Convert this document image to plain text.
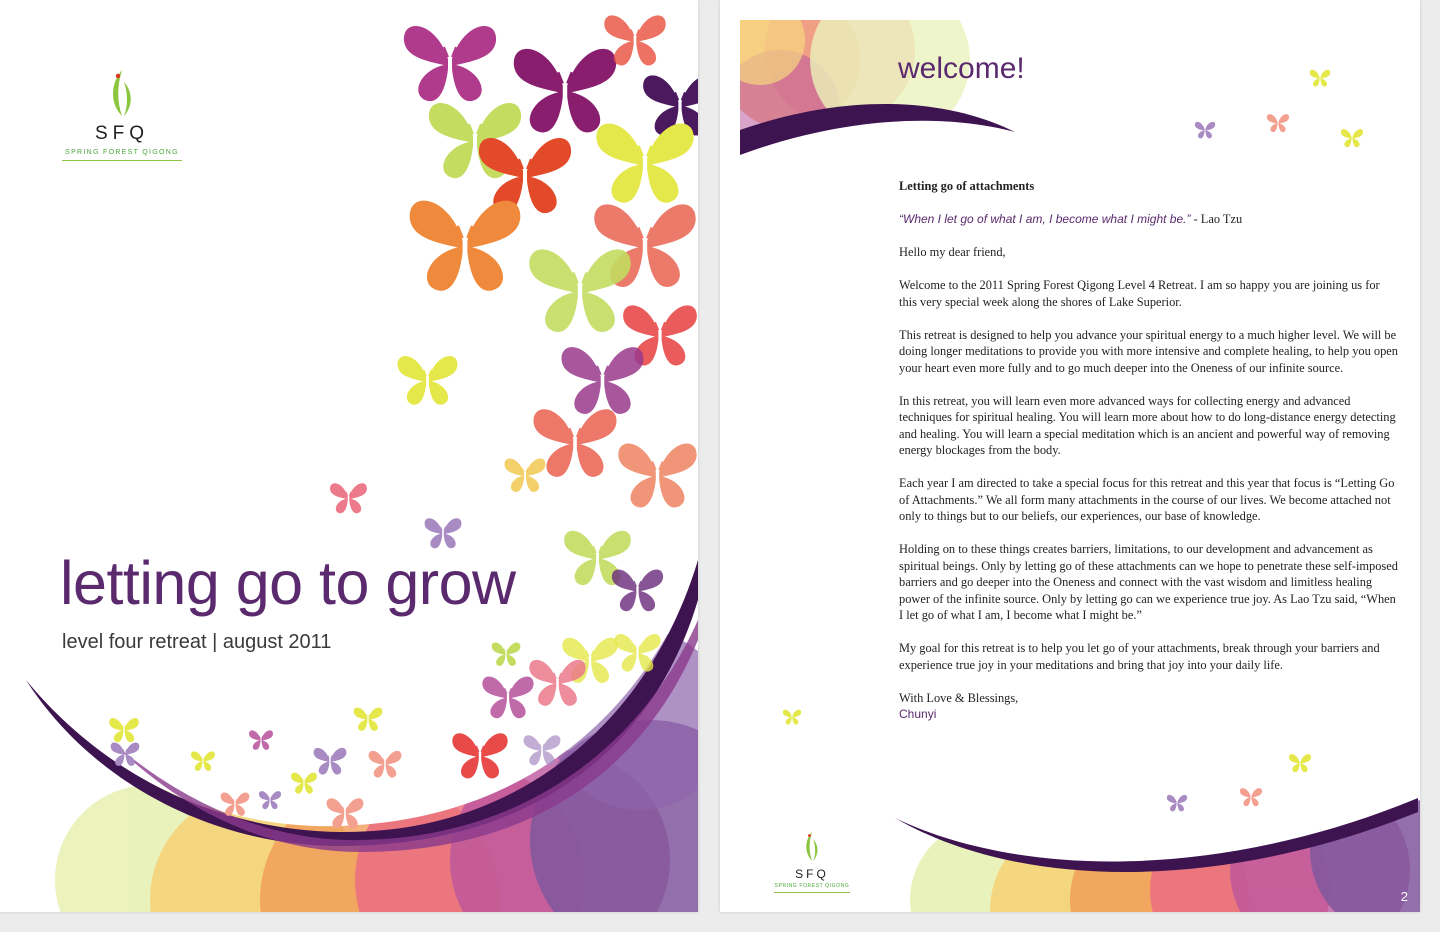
SFQ
SPRING FOREST QIGONG
letting go to grow
level four retreat | august 2011
welcome!

Letting go of attachments

“When I let go of what I am, I become what I might be.” - Lao Tzu

Hello my dear friend,

Welcome to the 2011 Spring Forest Qigong Level 4 Retreat. I am so happy you are joining us for this very special week along the shores of Lake Superior.

This retreat is designed to help you advance your spiritual energy to a much higher level. We will be doing longer meditations to provide you with more intensive and complete healing, to help you open your heart even more fully and to go much deeper into the Oneness of our infinite source.

In this retreat, you will learn even more advanced ways for collecting energy and advanced techniques for spiritual healing. You will learn more about how to do long-distance energy detecting and healing. You will learn a special meditation which is an ancient and powerful way of removing energy blockages from the body.

Each year I am directed to take a special focus for this retreat and this year that focus is “Letting Go of Attachments.” We all form many attachments in the course of our lives. We become attached not only to things but to our beliefs, our experiences, our base of knowledge.

Holding on to these things creates barriers, limitations, to our development and advancement as spiritual beings. Only by letting go of these attachments can we hope to penetrate these self-imposed barriers and go deeper into the Oneness and connect with the vast wisdom and limitless healing power of the infinite source. Only by letting go can we experience true joy. As Lao Tzu said, “When I let go of what I am, I become what I might be.”

My goal for this retreat is to help you let go of your attachments, break through your barriers and experience true joy in your meditations and bring that joy into your daily life.

With Love & Blessings,
Chunyi
SFQ
SPRING FOREST QIGONG
2
